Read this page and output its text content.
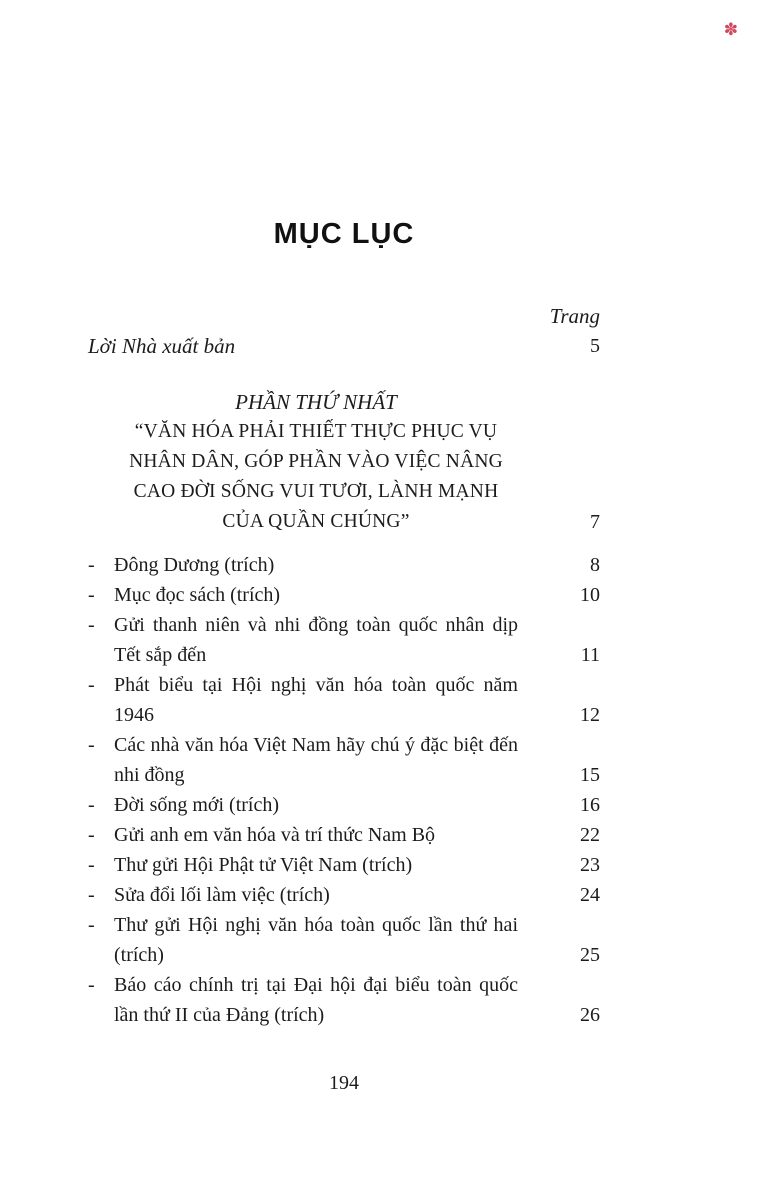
✽
MỤC LỤC
Trang
Lời Nhà xuất bản	5
PHẦN THỨ NHẤT
“VĂN HÓA PHẢI THIẾT THỰC PHỤC VỤ
NHÂN DÂN, GÓP PHẦN VÀO VIỆC NÂNG
CAO ĐỜI SỐNG VUI TƯƠI, LÀNH MẠNH
CỦA QUẦN CHÚNG”	7
- Đông Dương (trích)	8
- Mục đọc sách (trích)	10
- Gửi thanh niên và nhi đồng toàn quốc nhân dịp Tết sắp đến	11
- Phát biểu tại Hội nghị văn hóa toàn quốc năm 1946	12
- Các nhà văn hóa Việt Nam hãy chú ý đặc biệt đến nhi đồng	15
- Đời sống mới (trích)	16
- Gửi anh em văn hóa và trí thức Nam Bộ	22
- Thư gửi Hội Phật tử Việt Nam (trích)	23
- Sửa đổi lối làm việc (trích)	24
- Thư gửi Hội nghị văn hóa toàn quốc lần thứ hai (trích)	25
- Báo cáo chính trị tại Đại hội đại biểu toàn quốc lần thứ II của Đảng (trích)	26
194
